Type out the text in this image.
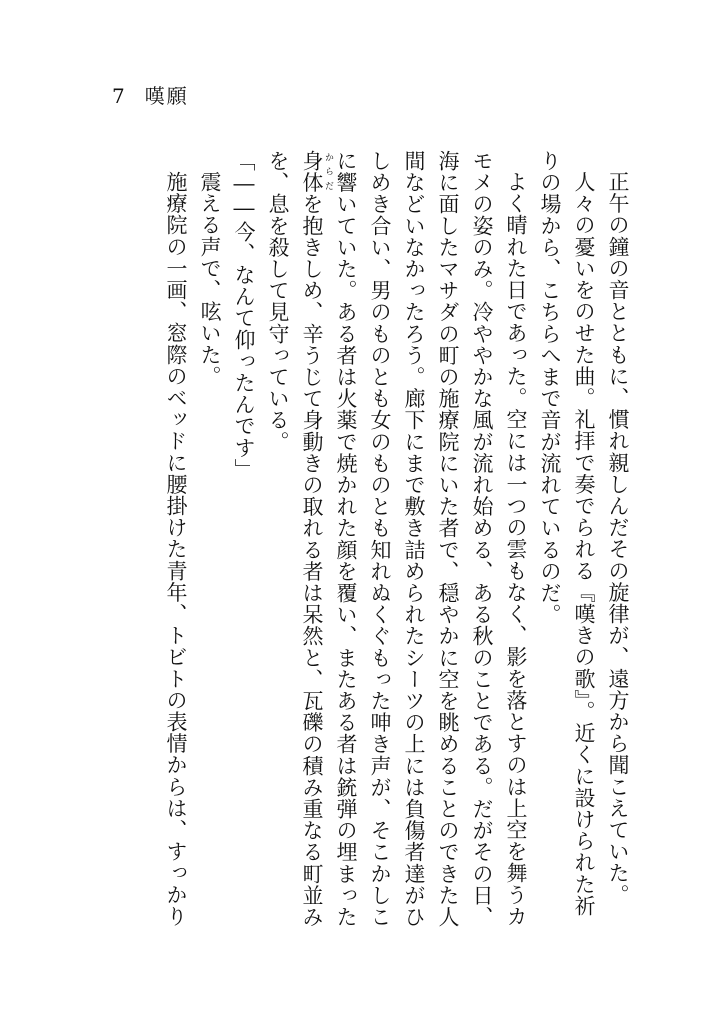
7 嘆願

正午の鐘の音とともに、慣れ親しんだその旋律が、遠方から聞こえていた。

人々の憂いをのせた曲。礼拝で奏でられる『嘆きの歌』。近くに設けられた祈りの場から、こちらへまで音が流れているのだ。

よく晴れた日であった。空には一つの雲もなく、影を落とすのは上空を舞うカモメの姿のみ。冷ややかな風が流れ始める、ある秋のことである。だがその日、海に面したマサダの町の施療院にいた者で、穏やかに空を眺めることのできた人間などいなかったろう。廊下にまで敷き詰められたシーツの上には負傷者達がひしめき合い、男のものとも女のものとも知れぬくぐもった呻き声が、そこかしこに響いていた。ある者は火薬で焼かれた顔を覆い、またある者は銃弾の埋まった身体 からだを抱きしめ、辛うじて身動きの取れる者は呆然と、瓦礫の積み重なる町並みを、息を殺して見守っている。

「――今、なんて仰ったんです」

震える声で、呟いた。

施療院の一画、窓際のベッドに腰掛けた青年、トビトの表情からは、すっかり
